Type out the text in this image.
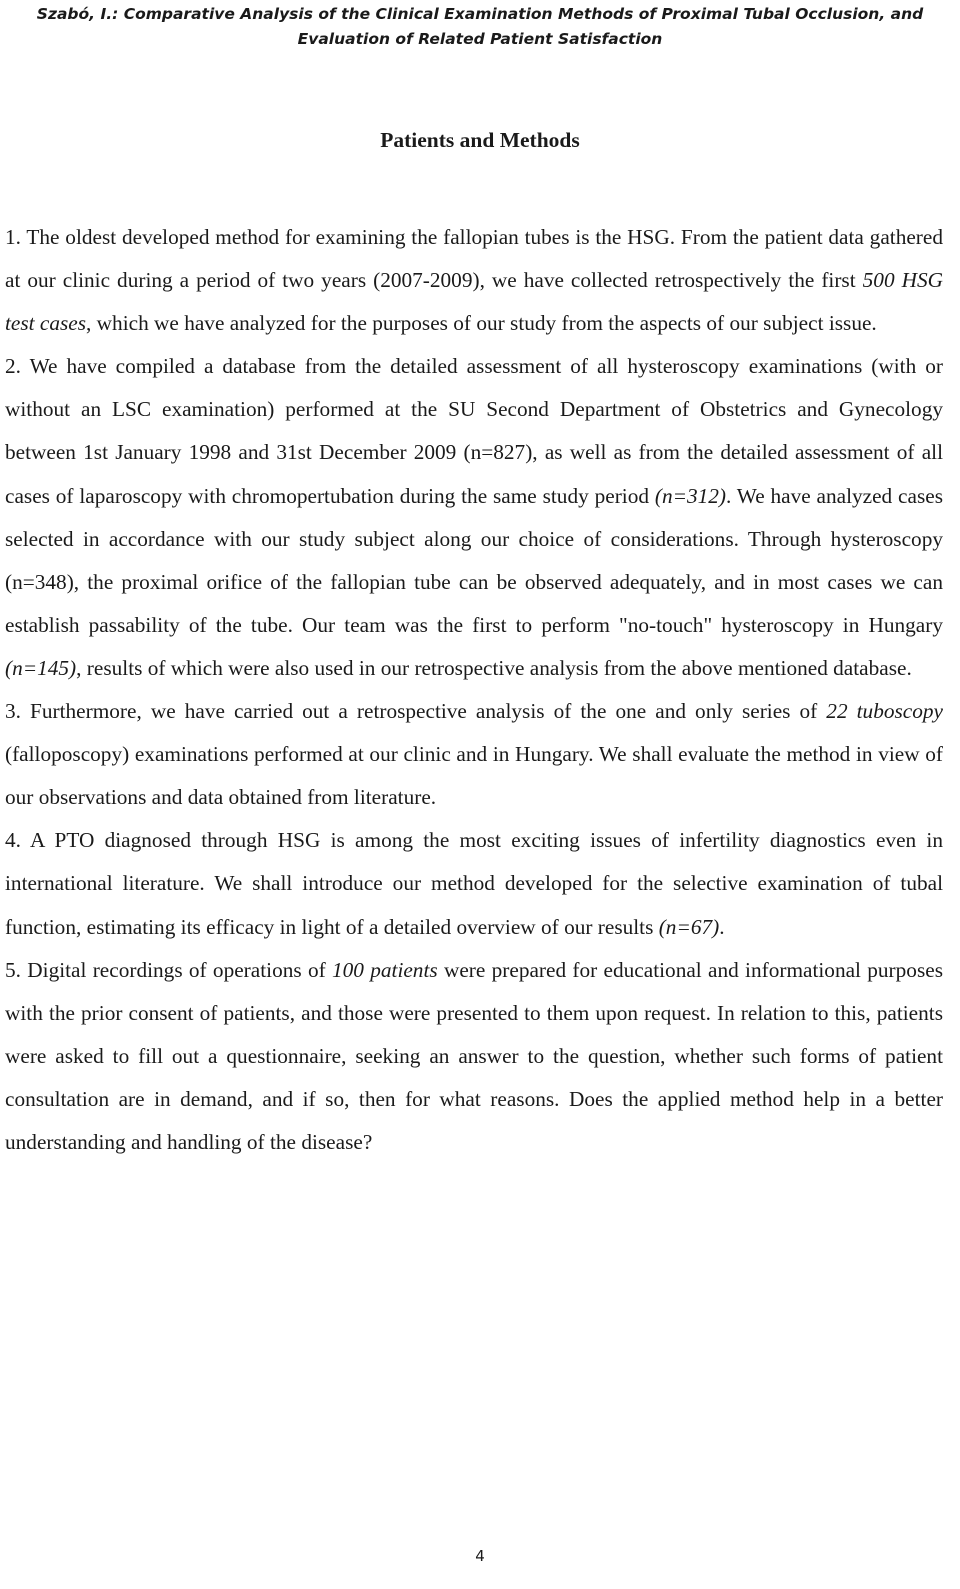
Szabó, I.: Comparative Analysis of the Clinical Examination Methods of Proximal Tubal Occlusion, and
Evaluation of Related Patient Satisfaction
Patients and Methods

1. The oldest developed method for examining the fallopian tubes is the HSG. From the patient data gathered at our clinic during a period of two years (2007-2009), we have collected retrospectively the first 500 HSG test cases, which we have analyzed for the purposes of our study from the aspects of our subject issue.

2. We have compiled a database from the detailed assessment of all hysteroscopy examinations (with or without an LSC examination) performed at the SU Second Department of Obstetrics and Gynecology between 1st January 1998 and 31st December 2009 (n=827), as well as from the detailed assessment of all cases of laparoscopy with chromopertubation during the same study period (n=312). We have analyzed cases selected in accordance with our study subject along our choice of considerations. Through hysteroscopy (n=348), the proximal orifice of the fallopian tube can be observed adequately, and in most cases we can establish passability of the tube. Our team was the first to perform "no-touch" hysteroscopy in Hungary (n=145), results of which were also used in our retrospective analysis from the above mentioned database.

3. Furthermore, we have carried out a retrospective analysis of the one and only series of 22 tuboscopy (falloposcopy) examinations performed at our clinic and in Hungary. We shall evaluate the method in view of our observations and data obtained from literature.

4. A PTO diagnosed through HSG is among the most exciting issues of infertility diagnostics even in international literature. We shall introduce our method developed for the selective examination of tubal function, estimating its efficacy in light of a detailed overview of our results (n=67).

5. Digital recordings of operations of 100 patients were prepared for educational and informational purposes with the prior consent of patients, and those were presented to them upon request. In relation to this, patients were asked to fill out a questionnaire, seeking an answer to the question, whether such forms of patient consultation are in demand, and if so, then for what reasons. Does the applied method help in a better understanding and handling of the disease?

4
